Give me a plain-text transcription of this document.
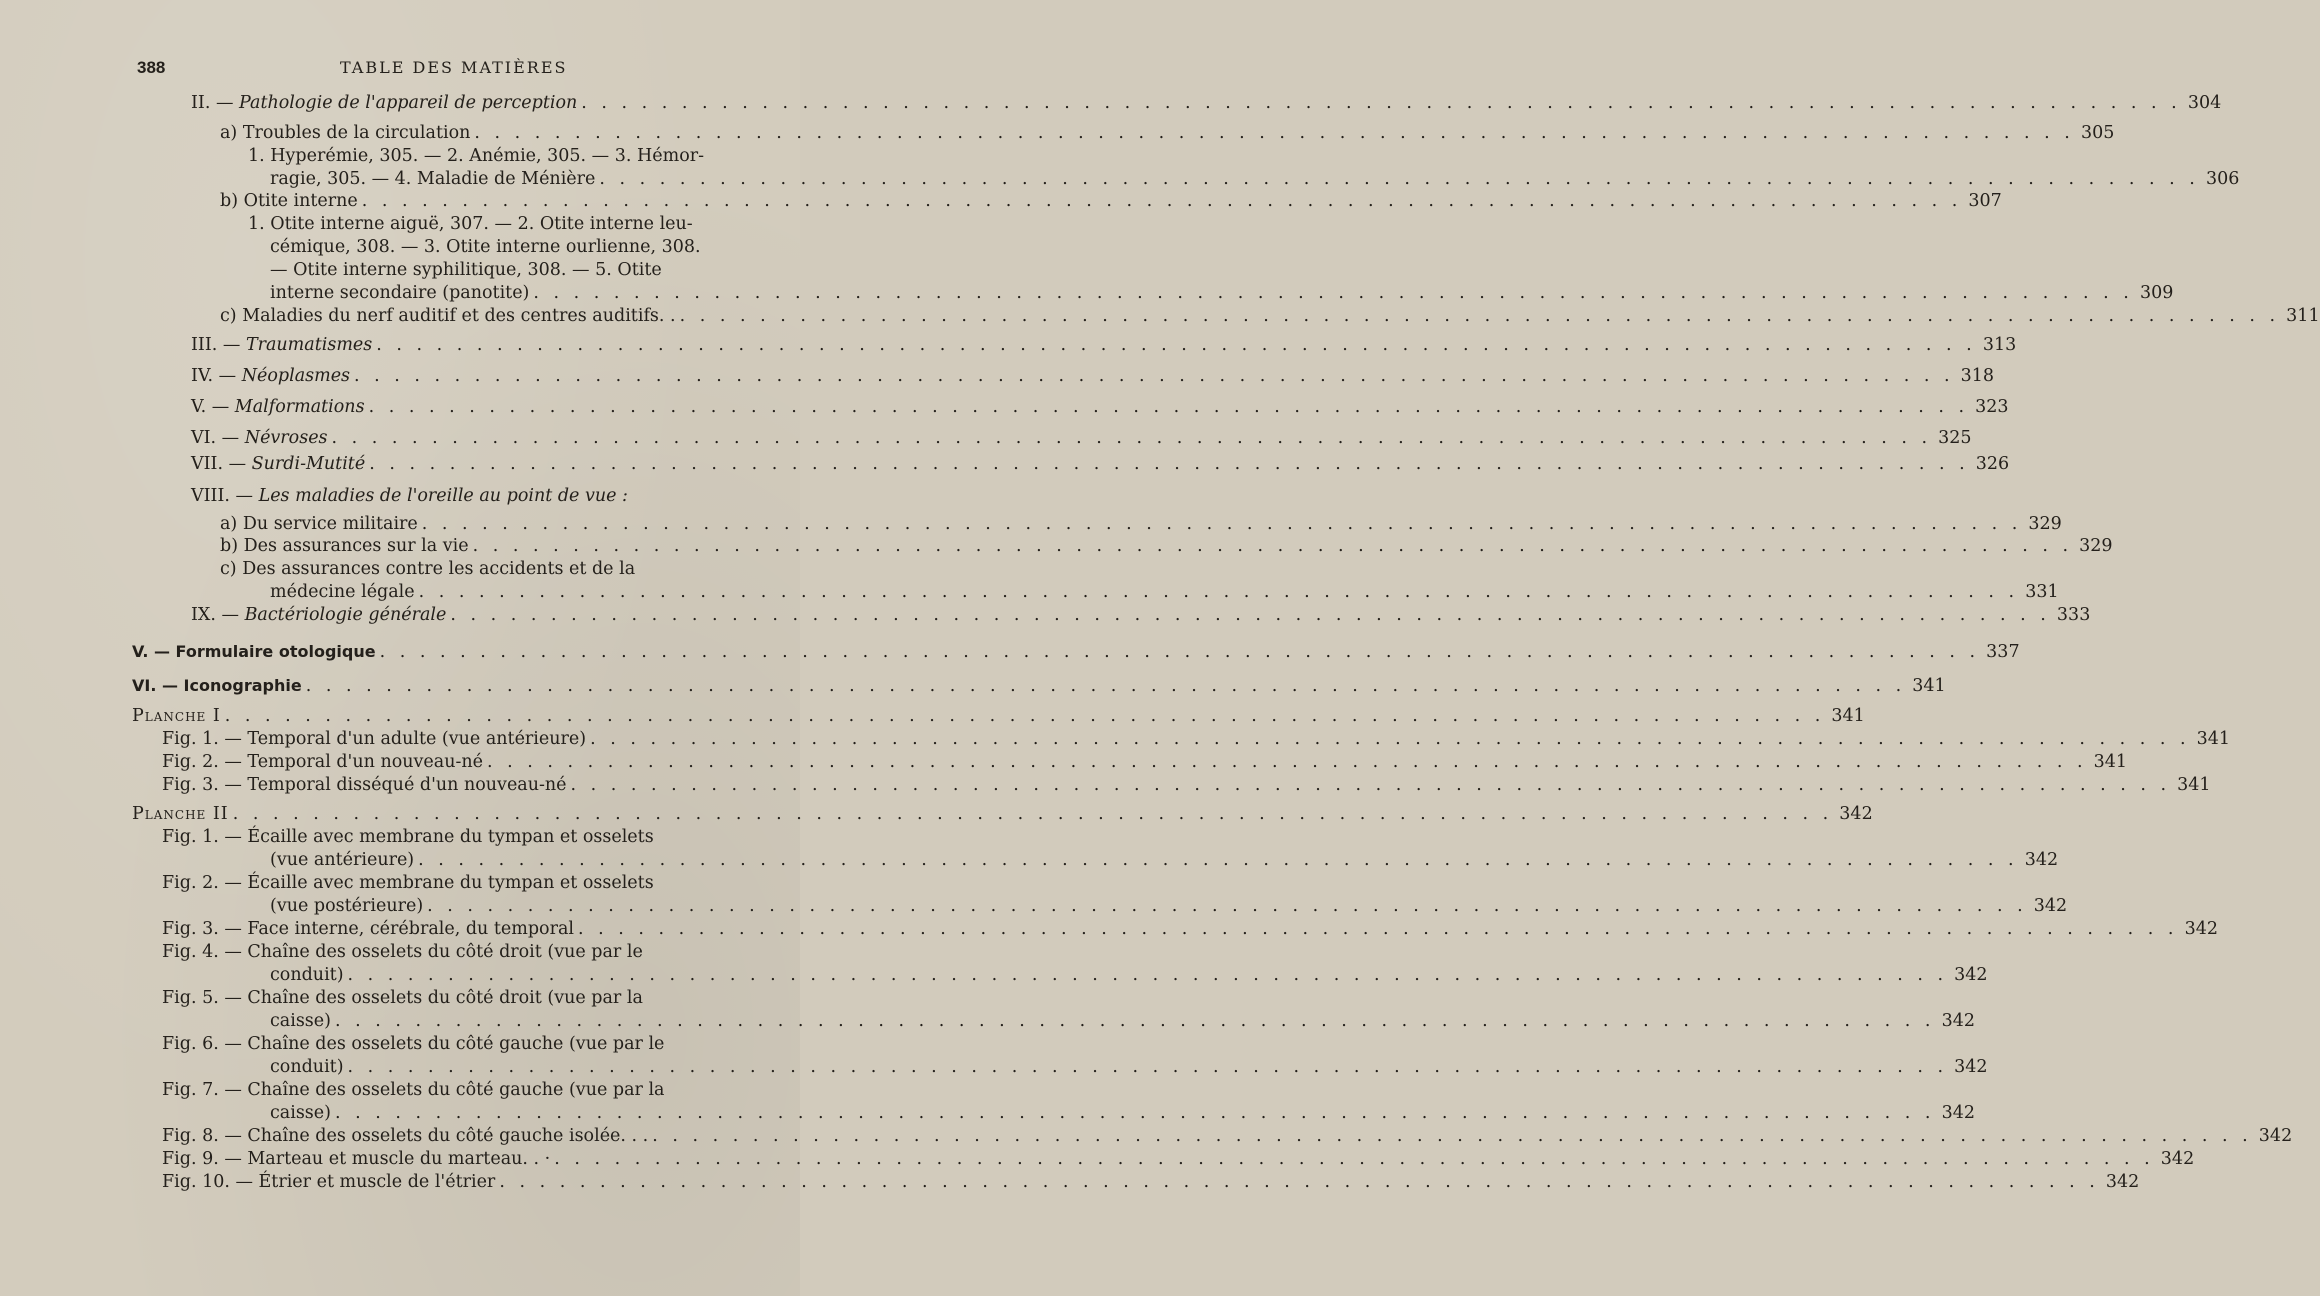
388	TABLE DES MATIÈRES
II. — Pathologie de l'appareil de perception . . . . . . . . . . . . . . . . . . . . . . . . . . . . . . . . . . . . . . . . . . . . . . . . . . . . . . . . . . . . . . . . . . . . . . . . . . . . . . . . 304
a) Troubles de la circulation . . . . . . . . . . . . . . . . . . . . . . . . . . . . . . . . . . . . . . . . . . . . . . . . . . . . . . . . . . . . . . . . . . . . . . . . . . . . . . . . 305
1. Hyperémie, 305. — 2. Anémie, 305. — 3. Hémor-
ragie, 305. — 4. Maladie de Ménière . . . . . . . . . . . . . . . . . . . . . . . . . . . . . . . . . . . . . . . . . . . . . . . . . . . . . . . . . . . . . . . . . . . . . . . . . . . . . . . . 306
b) Otite interne . . . . . . . . . . . . . . . . . . . . . . . . . . . . . . . . . . . . . . . . . . . . . . . . . . . . . . . . . . . . . . . . . . . . . . . . . . . . . . . . 307
1. Otite interne aiguë, 307. — 2. Otite interne leu-
cémique, 308. — 3. Otite interne ourlienne, 308.
— Otite interne syphilitique, 308. — 5. Otite
interne secondaire (panotite) . . . . . . . . . . . . . . . . . . . . . . . . . . . . . . . . . . . . . . . . . . . . . . . . . . . . . . . . . . . . . . . . . . . . . . . . . . . . . . . . 309
c) Maladies du nerf auditif et des centres auditifs. . . . . . . . . . . . . . . . . . . . . . . . . . . . . . . . . . . . . . . . . . . . . . . . . . . . . . . . . . . . . . . . . . . . . . . . . . . . . . . . . . 311
III. — Traumatismes . . . . . . . . . . . . . . . . . . . . . . . . . . . . . . . . . . . . . . . . . . . . . . . . . . . . . . . . . . . . . . . . . . . . . . . . . . . . . . . . 313
IV. — Néoplasmes . . . . . . . . . . . . . . . . . . . . . . . . . . . . . . . . . . . . . . . . . . . . . . . . . . . . . . . . . . . . . . . . . . . . . . . . . . . . . . . . 318
V. — Malformations . . . . . . . . . . . . . . . . . . . . . . . . . . . . . . . . . . . . . . . . . . . . . . . . . . . . . . . . . . . . . . . . . . . . . . . . . . . . . . . . 323
VI. — Névroses . . . . . . . . . . . . . . . . . . . . . . . . . . . . . . . . . . . . . . . . . . . . . . . . . . . . . . . . . . . . . . . . . . . . . . . . . . . . . . . . 325
VII. — Surdi-Mutité . . . . . . . . . . . . . . . . . . . . . . . . . . . . . . . . . . . . . . . . . . . . . . . . . . . . . . . . . . . . . . . . . . . . . . . . . . . . . . . . 326
VIII. — Les maladies de l'oreille au point de vue :
a) Du service militaire . . . . . . . . . . . . . . . . . . . . . . . . . . . . . . . . . . . . . . . . . . . . . . . . . . . . . . . . . . . . . . . . . . . . . . . . . . . . . . . . 329
b) Des assurances sur la vie . . . . . . . . . . . . . . . . . . . . . . . . . . . . . . . . . . . . . . . . . . . . . . . . . . . . . . . . . . . . . . . . . . . . . . . . . . . . . . . . 329
c) Des assurances contre les accidents et de la
médecine légale . . . . . . . . . . . . . . . . . . . . . . . . . . . . . . . . . . . . . . . . . . . . . . . . . . . . . . . . . . . . . . . . . . . . . . . . . . . . . . . . 331
IX. — Bactériologie générale . . . . . . . . . . . . . . . . . . . . . . . . . . . . . . . . . . . . . . . . . . . . . . . . . . . . . . . . . . . . . . . . . . . . . . . . . . . . . . . . 333
V. — Formulaire otologique . . . . . . . . . . . . . . . . . . . . . . . . . . . . . . . . . . . . . . . . . . . . . . . . . . . . . . . . . . . . . . . . . . . . . . . . . . . . . . . . 337
VI. — Iconographie . . . . . . . . . . . . . . . . . . . . . . . . . . . . . . . . . . . . . . . . . . . . . . . . . . . . . . . . . . . . . . . . . . . . . . . . . . . . . . . . 341
Planche I . . . . . . . . . . . . . . . . . . . . . . . . . . . . . . . . . . . . . . . . . . . . . . . . . . . . . . . . . . . . . . . . . . . . . . . . . . . . . . . . 341
Fig. 1. — Temporal d'un adulte (vue antérieure) . . . . . . . . . . . . . . . . . . . . . . . . . . . . . . . . . . . . . . . . . . . . . . . . . . . . . . . . . . . . . . . . . . . . . . . . . . . . . . . . 341
Fig. 2. — Temporal d'un nouveau-né . . . . . . . . . . . . . . . . . . . . . . . . . . . . . . . . . . . . . . . . . . . . . . . . . . . . . . . . . . . . . . . . . . . . . . . . . . . . . . . . 341
Fig. 3. — Temporal disséqué d'un nouveau-né . . . . . . . . . . . . . . . . . . . . . . . . . . . . . . . . . . . . . . . . . . . . . . . . . . . . . . . . . . . . . . . . . . . . . . . . . . . . . . . . 341
Planche II . . . . . . . . . . . . . . . . . . . . . . . . . . . . . . . . . . . . . . . . . . . . . . . . . . . . . . . . . . . . . . . . . . . . . . . . . . . . . . . . 342
Fig. 1. — Écaille avec membrane du tympan et osselets
(vue antérieure) . . . . . . . . . . . . . . . . . . . . . . . . . . . . . . . . . . . . . . . . . . . . . . . . . . . . . . . . . . . . . . . . . . . . . . . . . . . . . . . . 342
Fig. 2. — Écaille avec membrane du tympan et osselets
(vue postérieure) . . . . . . . . . . . . . . . . . . . . . . . . . . . . . . . . . . . . . . . . . . . . . . . . . . . . . . . . . . . . . . . . . . . . . . . . . . . . . . . . 342
Fig. 3. — Face interne, cérébrale, du temporal . . . . . . . . . . . . . . . . . . . . . . . . . . . . . . . . . . . . . . . . . . . . . . . . . . . . . . . . . . . . . . . . . . . . . . . . . . . . . . . . 342
Fig. 4. — Chaîne des osselets du côté droit (vue par le
conduit) . . . . . . . . . . . . . . . . . . . . . . . . . . . . . . . . . . . . . . . . . . . . . . . . . . . . . . . . . . . . . . . . . . . . . . . . . . . . . . . . 342
Fig. 5. — Chaîne des osselets du côté droit (vue par la
caisse) . . . . . . . . . . . . . . . . . . . . . . . . . . . . . . . . . . . . . . . . . . . . . . . . . . . . . . . . . . . . . . . . . . . . . . . . . . . . . . . . 342
Fig. 6. — Chaîne des osselets du côté gauche (vue par le
conduit) . . . . . . . . . . . . . . . . . . . . . . . . . . . . . . . . . . . . . . . . . . . . . . . . . . . . . . . . . . . . . . . . . . . . . . . . . . . . . . . . 342
Fig. 7. — Chaîne des osselets du côté gauche (vue par la
caisse) . . . . . . . . . . . . . . . . . . . . . . . . . . . . . . . . . . . . . . . . . . . . . . . . . . . . . . . . . . . . . . . . . . . . . . . . . . . . . . . . 342
Fig. 8. — Chaîne des osselets du côté gauche isolée. . . . . . . . . . . . . . . . . . . . . . . . . . . . . . . . . . . . . . . . . . . . . . . . . . . . . . . . . . . . . . . . . . . . . . . . . . . . . . . . . . . 342
Fig. 9. — Marteau et muscle du marteau. . · . . . . . . . . . . . . . . . . . . . . . . . . . . . . . . . . . . . . . . . . . . . . . . . . . . . . . . . . . . . . . . . . . . . . . . . . . . . . . . . . 342
Fig. 10. — Étrier et muscle de l'étrier . . . . . . . . . . . . . . . . . . . . . . . . . . . . . . . . . . . . . . . . . . . . . . . . . . . . . . . . . . . . . . . . . . . . . . . . . . . . . . . . 342
